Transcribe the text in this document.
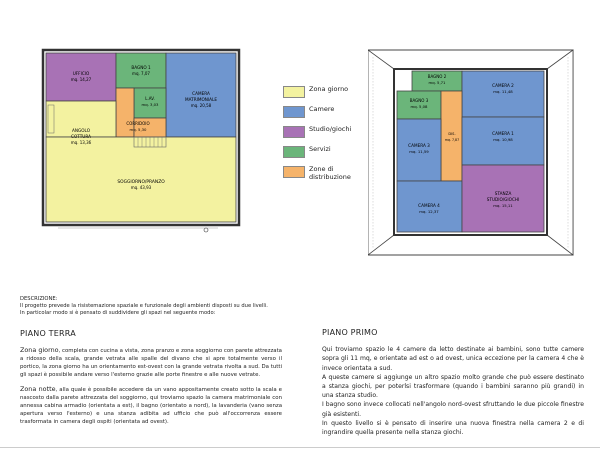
UFFICIO
mq. 14,27
BAGNO 1
mq. 7,07
CAMERA
MATRIMONIALE
mq. 20,58
L.AV.
mq. 3,03
CORRIDOIO
mq. 5,30
ANGOLO
COTTURA
mq. 13,36
SOGGIORNO/PRANZO
mq. 43,93
BAGNO 2
mq. 5,71
BAGNO 3
mq. 5,08
CAMERA 2
mq. 11,48
CAMERA 1
mq. 10,98
CAMERA 3
mq. 11,59
DIS.
mq. 7,87
CAMERA 4
mq. 12,37
STANZA
STUDIO/GIOCHI
mq. 15,11
Zona giorno
Camere
Studio/giochi
Servizi
Zone di distribuzione
DESCRIZIONE:
Il progetto prevede la risistemazione spaziale e funzionale degli ambienti disposti su due livelli.
In particolar modo si è pensato di suddividere gli spazi nel seguente modo:
PIANO TERRA

Zona giorno, completa con cucina a vista, zona pranzo e zona soggiorno con parete attrezzata a ridosso della scala, grande vetrata alle spalle del divano che si apre totalmente verso il portico, la zona giorno ha un orientamento est-ovest con la grande vetrata rivolta a sud. Da tutti gli spazi è possibile andare verso l'esterno grazie alle porte finestre e alle nuove vetrate.

Zona notte, alla quale è possibile accedere da un vano appositamente creato sotto la scala e nascosto dalla parete attrezzata del soggiorno, qui troviamo spazio la camera matrimoniale con annessa cabina armadio (orientata a est), il bagno (orientato a nord), la lavanderia (vano senza apertura verso l'esterno) e una stanza adibita ad ufficio che può all'occorrenza essere trasformata in camera degli ospiti (orientata ad ovest).

PIANO PRIMO

Qui troviamo spazio le 4 camere da letto destinate ai bambini, sono tutte camere sopra gli 11 mq, e orientate ad est o ad ovest, unica eccezione per la camera 4 che è invece orientata a sud.

A queste camere si aggiunge un altro spazio molto grande che può essere destinato a stanza giochi, per poterlsi trasformare (quando i bambini saranno più grandi) in una stanza studio.

I bagno sono invece collocati nell'angolo nord-ovest sfruttando le due piccole finestre già esistenti.

In questo livello si è pensato di inserire una nuova finestra nella camera 2 e di ingrandire quella presente nella stanza giochi.
